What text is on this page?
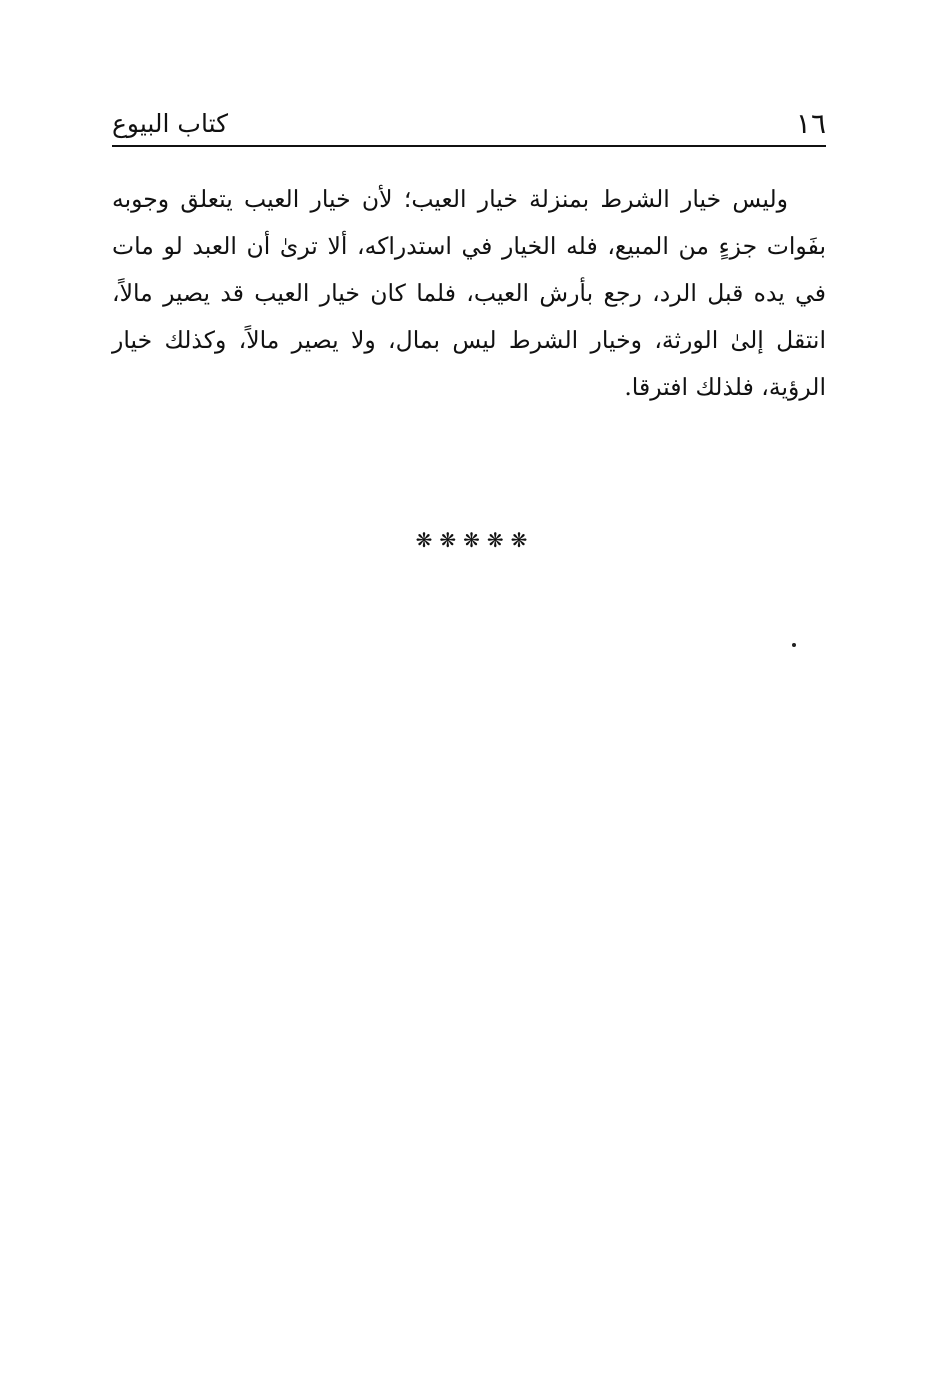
١٦
كتاب البيوع

وليس خيار الشرط بمنزلة خيار العيب؛ لأن خيار العيب يتعلق وجوبه بفَوات جزءٍ من المبيع، فله الخيار في استدراكه، ألا ترىٰ أن العبد لو مات في يده قبل الرد، رجع بأرش العيب، فلما كان خيار العيب قد يصير مالاً، انتقل إلىٰ الورثة، وخيار الشرط ليس بمال، ولا يصير مالاً، وكذلك خيار الرؤية، فلذلك افترقا.

❋❋❋❋❋
